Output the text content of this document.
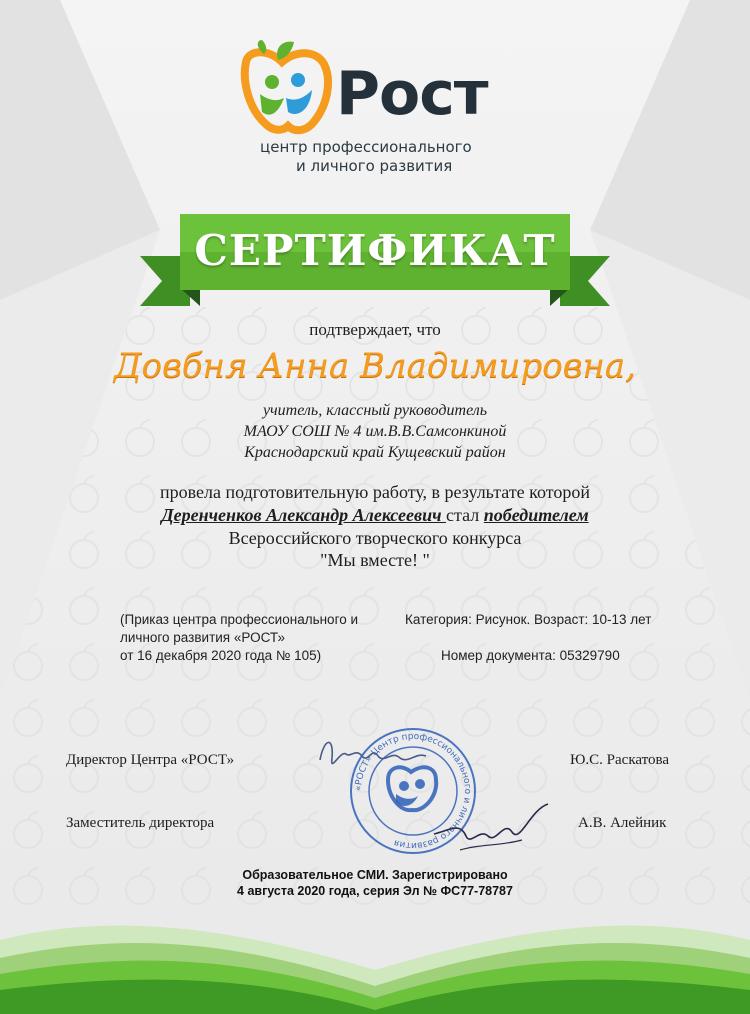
Рост
центр профессионального
и личного развития
СЕРТИФИКАТ
подтверждает, что
Довбня Анна Владимировна,
учитель, классный руководитель
МАОУ СОШ № 4 им.В.В.Самсонкиной
Краснодарский край Кущевский район
провела подготовительную работу, в результате которой
Деренченков Александр Алексеевич стал победителем
Всероссийского творческого конкурса
"Мы вместе! "
(Приказ центра профессионального и
личного развития «РОСТ»
от 16 декабря 2020 года № 105)
Категория: Рисунок. Возраст: 10-13 лет
Номер документа: 05329790
Директор Центра «РОСТ»	Ю.С. Раскатова
Заместитель директора	А.В. Алейник
«РОСТ» Центр профессионального и личного развития
Образовательное СМИ. Зарегистрировано
4 августа 2020 года, серия Эл № ФС77-78787
